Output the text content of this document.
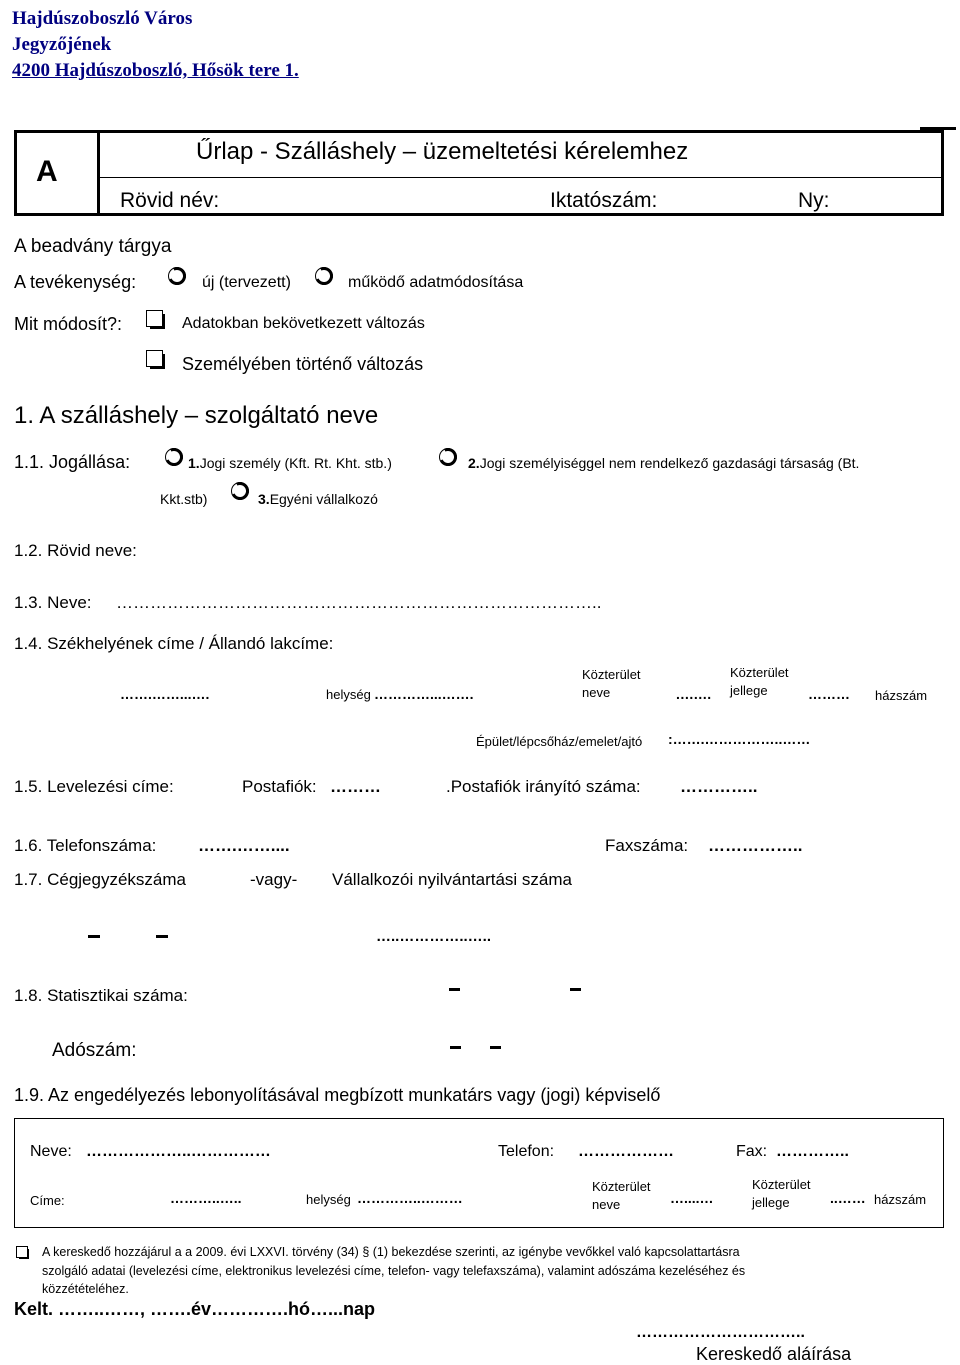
Hajdúszoboszló Város
Jegyzőjének
4200 Hajdúszoboszló, Hősök tere 1.
A
Űrlap - Szálláshely – üzemeltetési kérelemhez
Rövid név:	Iktatószám:	Ny:
A beadvány tárgya
A tevékenység:	új (tervezett)	működő adatmódosítása
Mit módosít?:	Adatokban bekövetkezett változás
Személyében történő változás
1. A szálláshely – szolgáltató neve
1.1. Jogállása:	1.Jogi személy (Kft. Rt. Kht. stb.)	2.Jogi személyiséggel nem rendelkező gazdasági társaság (Bt.
Kkt.stb)	3.Egyéni vállalkozó
1.2. Rövid neve:
1.3. Neve: …………………………………………………………………………..
1.4. Székhelyének címe / Állandó lakcíme:
…….……...….	helység …………...…….
Közterület neve	.….…
Közterület jellege	……… házszám
Épület/lépcsőház/emelet/ajtó :…….……………..……
1.5. Levelezési címe:	Postafiók: ………	.Postafiók irányító száma: …………..
1.6. Telefonszáma: …….……....	Faxszáma: ……………..
1.7. Cégjegyzékszáma	-vagy- Vállalkozói nyilvántartási száma
…..…………..…..
1.8. Statisztikai száma:
Adószám:
1.9. Az engedélyezés lebonyolításával megbízott munkatárs vagy (jogi) képviselő
Neve: ………………..……………	Telefon: ………………	Fax: …………..
Címe:	………..…..	helység …………..………
Közterület neve	…....…
Közterület jellege	..…… házszám
A kereskedő hozzájárul a a 2009. évi LXXVI. törvény (34) § (1) bekezdése szerinti, az igénybe vevőkkel való kapcsolattartásra
szolgáló adatai (levelezési címe, elektronikus levelezési címe, telefon- vagy telefaxszáma), valamint adószáma kezeléséhez és
közzétételéhez.
Kelt. ……..……, …….év………….hó…...nap
…………………………..
Kereskedő aláírása
